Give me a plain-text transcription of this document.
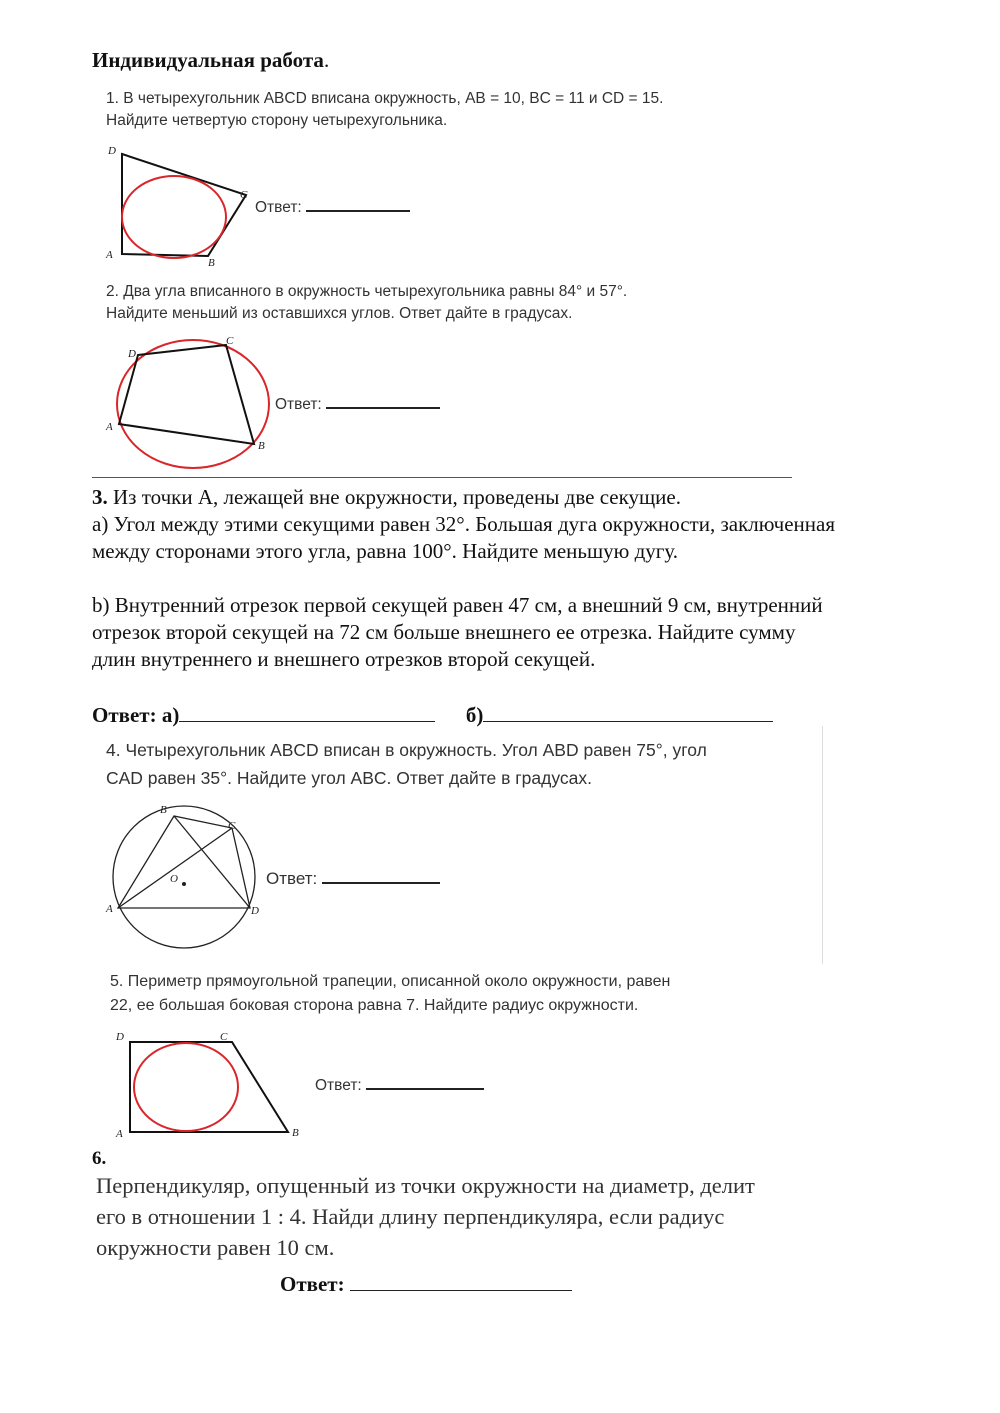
Индивидуальная работа.
1. В четырехугольник ABCD вписана окружность, AB = 10, BC = 11 и CD = 15.
Найдите четвертую сторону четырехугольника.
A
B
C
D
Ответ:
2. Два угла вписанного в окружность четырехугольника равны 84° и 57°.
Найдите меньший из оставшихся углов. Ответ дайте в градусах.
A
B
C
D
Ответ:
3. Из точки А, лежащей вне окружности, проведены две секущие.
а) Угол между этими секущими равен 32°. Большая дуга окружности, заключенная
между сторонами этого угла, равна 100°. Найдите меньшую дугу.
b) Внутренний отрезок первой секущей равен 47 см, а внешний 9 см, внутренний
отрезок второй секущей на 72 см больше внешнего ее отрезка. Найдите сумму
длин внутреннего и внешнего отрезков второй секущей.
Ответ: а)	б)
4. Четырехугольник ABCD вписан в окружность. Угол ABD равен 75°, угол
CAD равен 35°. Найдите угол ABC. Ответ дайте в градусах.
A
B
C
D
O	Ответ:
5. Периметр прямоугольной трапеции, описанной около окружности, равен
22, ее большая боковая сторона равна 7. Найдите радиус окружности.
A	B
C
D
Ответ:
6.
Перпендикуляр, опущенный из точки окружности на диаметр, делит
его в отношении 1 : 4. Найди длину перпендикуляра, если радиус
окружности равен 10 см.
Ответ:
